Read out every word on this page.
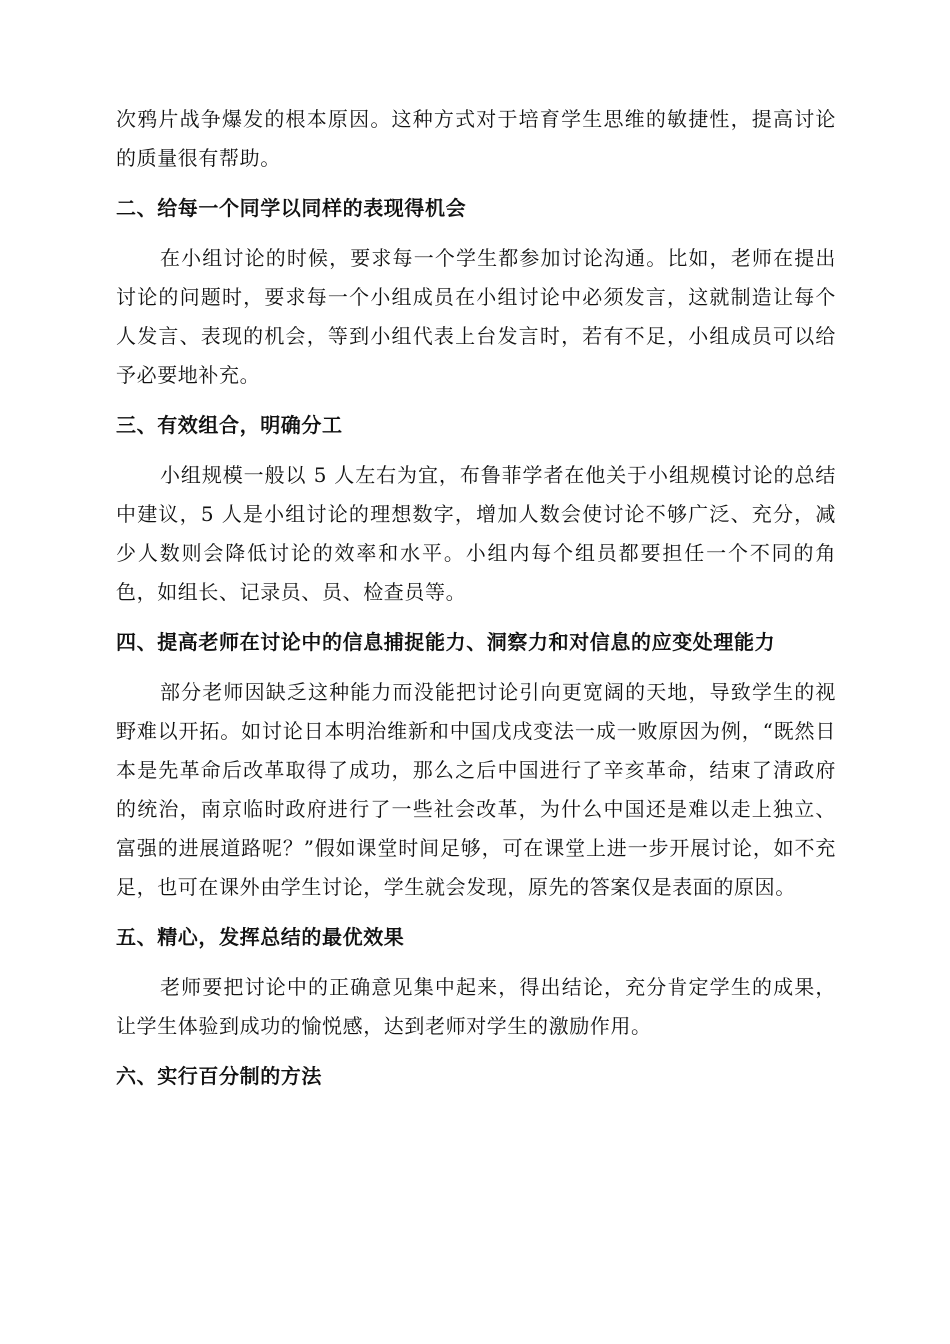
次鸦片战争爆发的根本原因。这种方式对于培育学生思维的敏捷性，提高讨论的质量很有帮助。

二、给每一个同学以同样的表现得机会

在小组讨论的时候，要求每一个学生都参加讨论沟通。比如，老师在提出讨论的问题时，要求每一个小组成员在小组讨论中必须发言，这就制造让每个人发言、表现的机会，等到小组代表上台发言时，若有不足，小组成员可以给予必要地补充。

三、有效组合，明确分工

小组规模一般以 5 人左右为宜，布鲁菲学者在他关于小组规模讨论的总结中建议，5 人是小组讨论的理想数字，增加人数会使讨论不够广泛、充分，减少人数则会降低讨论的效率和水平。小组内每个组员都要担任一个不同的角色，如组长、记录员、员、检查员等。

四、提高老师在讨论中的信息捕捉能力、洞察力和对信息的应变处理能力

部分老师因缺乏这种能力而没能把讨论引向更宽阔的天地，导致学生的视野难以开拓。如讨论日本明治维新和中国戊戌变法一成一败原因为例，“既然日本是先革命后改革取得了成功，那么之后中国进行了辛亥革命，结束了清政府的统治，南京临时政府进行了一些社会改革，为什么中国还是难以走上独立、富强的进展道路呢？”假如课堂时间足够，可在课堂上进一步开展讨论，如不充足，也可在课外由学生讨论，学生就会发现，原先的答案仅是表面的原因。

五、精心，发挥总结的最优效果

老师要把讨论中的正确意见集中起来，得出结论，充分肯定学生的成果，让学生体验到成功的愉悦感，达到老师对学生的激励作用。

六、实行百分制的方法
